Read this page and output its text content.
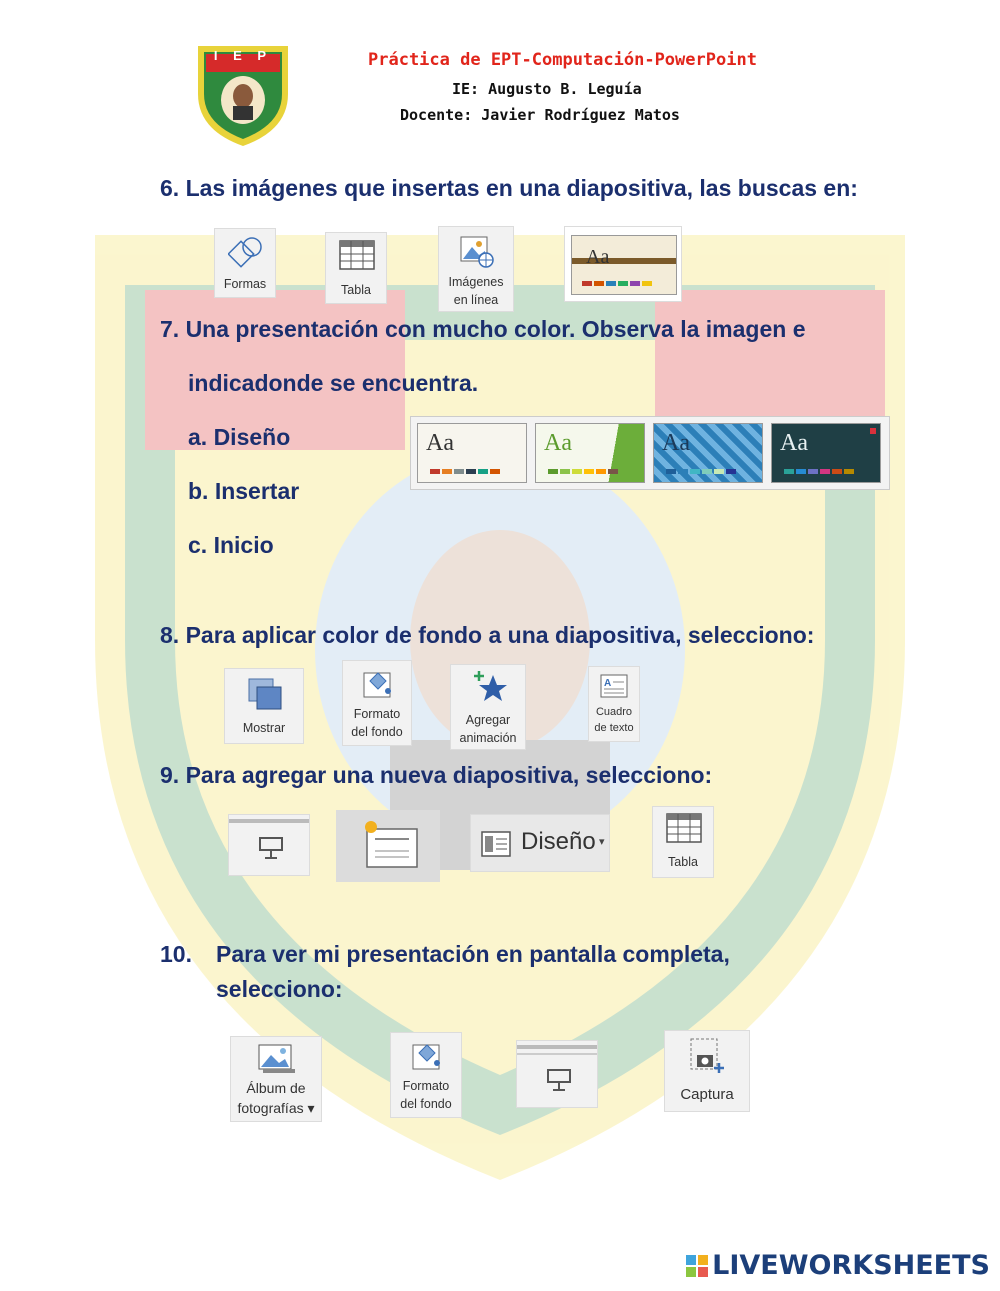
I E P	Práctica de EPT-Computación-PowerPoint
IE: Augusto B. Leguía
Docente: Javier Rodríguez Matos
6. Las imágenes que insertas en una diapositiva, las buscas en:
Formas	Tabla
Imágenes
en línea
Aa
7. Una presentación con mucho color. Observa la imagen e
indicadonde se encuentra.
a. Diseño
b. Insertar
c. Inicio
Aa	Aa	Aa	Aa
8. Para aplicar color de fondo a una diapositiva, selecciono:
Mostrar
Formato
del fondo
Agregar
animación
A
Cuadro
de texto
9. Para agregar una nueva diapositiva, selecciono:
Diseño ▾
Tabla
10. Para ver mi presentación en pantalla completa,
selecciono:
Álbum de
fotografías ▾
Formato
del fondo
Captura
LIVEWORKSHEETS
